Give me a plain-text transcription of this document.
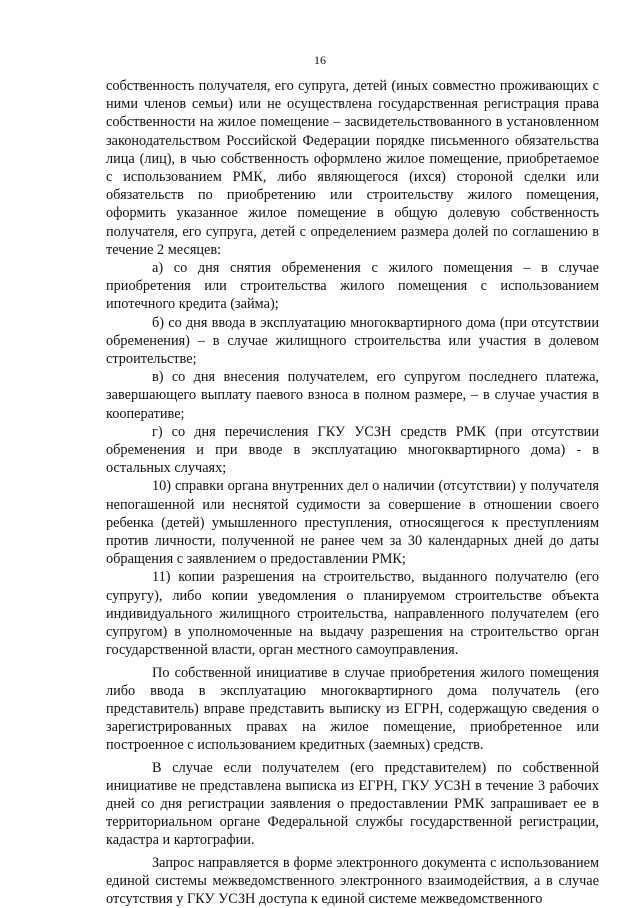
16

собственность получателя, его супруга, детей (иных совместно проживающих с ними членов семьи) или не осуществлена государственная регистрация права собственности на жилое помещение – засвидетельствованного в установленном законодательством Российской Федерации порядке письменного обязательства лица (лиц), в чью собственность оформлено жилое помещение, приобретаемое с использованием РМК, либо являющегося (ихся) стороной сделки или обязательств по приобретению или строительству жилого помещения, оформить указанное жилое помещение в общую долевую собственность получателя, его супруга, детей с определением размера долей по соглашению в течение 2 месяцев:

а) со дня снятия обременения с жилого помещения – в случае приобретения или строительства жилого помещения с использованием ипотечного кредита (займа);

б) со дня ввода в эксплуатацию многоквартирного дома (при отсутствии обременения) – в случае жилищного строительства или участия в долевом строительстве;

в) со дня внесения получателем, его супругом последнего платежа, завершающего выплату паевого взноса в полном размере, – в случае участия в кооперативе;

г) со дня перечисления ГКУ УСЗН средств РМК (при отсутствии обременения и при вводе в эксплуатацию многоквартирного дома) - в остальных случаях;

10) справки органа внутренних дел о наличии (отсутствии) у получателя непогашенной или неснятой судимости за совершение в отношении своего ребенка (детей) умышленного преступления, относящегося к преступлениям против личности, полученной не ранее чем за 30 календарных дней до даты обращения с заявлением о предоставлении РМК;

11) копии разрешения на строительство, выданного получателю (его супругу), либо копии уведомления о планируемом строительстве объекта индивидуального жилищного строительства, направленного получателем (его супругом) в уполномоченные на выдачу разрешения на строительство орган государственной власти, орган местного самоуправления.

По собственной инициативе в случае приобретения жилого помещения либо ввода в эксплуатацию многоквартирного дома получатель (его представитель) вправе представить выписку из ЕГРН, содержащую сведения о зарегистрированных правах на жилое помещение, приобретенное или построенное с использованием кредитных (заемных) средств.

В случае если получателем (его представителем) по собственной инициативе не представлена выписка из ЕГРН, ГКУ УСЗН в течение 3 рабочих дней со дня регистрации заявления о предоставлении РМК запрашивает ее в территориальном органе Федеральной службы государственной регистрации, кадастра и картографии.

Запрос направляется в форме электронного документа с использованием единой системы межведомственного электронного взаимодействия, а в случае отсутствия у ГКУ УСЗН доступа к единой системе межведомственного
